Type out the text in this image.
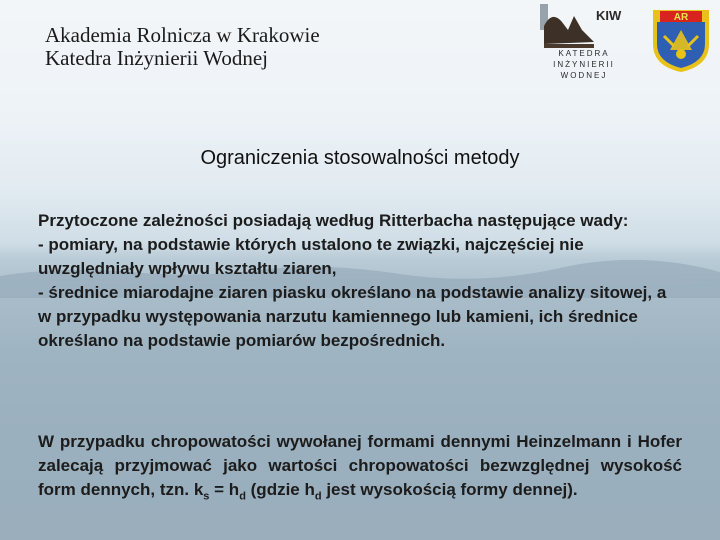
Akademia Rolnicza w Krakowie
Katedra Inżynierii Wodnej
KIW
KATEDRA
INŻYNIERII
WODNEJ
AR
Ograniczenia stosowalności metody
Przytoczone zależności posiadają według Ritterbacha następujące wady:
- pomiary, na podstawie których ustalono te związki, najczęściej nie uwzględniały wpływu kształtu ziaren,
- średnice miarodajne ziaren piasku określano na podstawie analizy sitowej, a w przypadku występowania narzutu kamiennego lub kamieni, ich średnice określano na podstawie pomiarów bezpośrednich.
W przypadku chropowatości wywołanej formami dennymi Heinzelmann i Hofer zalecają przyjmować jako wartości chropowatości bezwzględnej wysokość form dennych, tzn. $k_s = h_d$ (gdzie $h_d$ jest wysokością formy dennej).
